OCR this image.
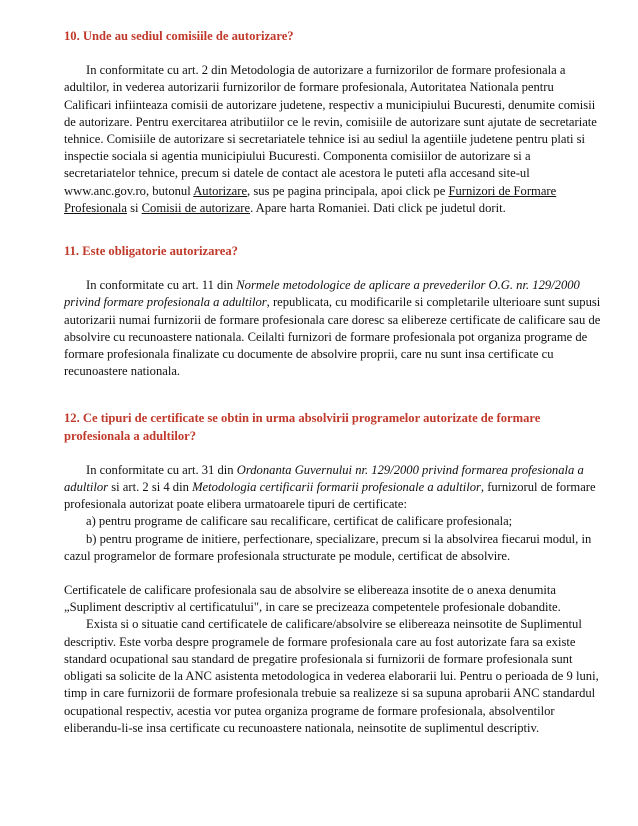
10. Unde au sediul comisiile de autorizare?

In conformitate cu art. 2 din Metodologia de autorizare a furnizorilor de formare profesionala a adultilor, in vederea autorizarii furnizorilor de formare profesionala, Autoritatea Nationala pentru Calificari infiinteaza comisii de autorizare judetene, respectiv a municipiului Bucuresti, denumite comisii de autorizare. Pentru exercitarea atributiilor ce le revin, comisiile de autorizare sunt ajutate de secretariate tehnice. Comisiile de autorizare si secretariatele tehnice isi au sediul la agentiile judetene pentru plati si inspectie sociala si agentia municipiului Bucuresti. Componenta comisiilor de autorizare si a secretariatelor tehnice, precum si datele de contact ale acestora le puteti afla accesand site-ul www.anc.gov.ro, butonul Autorizare, sus pe pagina principala, apoi click pe Furnizori de Formare Profesionala si Comisii de autorizare. Apare harta Romaniei. Dati click pe judetul dorit.

11. Este obligatorie autorizarea?

In conformitate cu art. 11 din Normele metodologice de aplicare a prevederilor O.G. nr. 129/2000 privind formare profesionala a adultilor, republicata, cu modificarile si completarile ulterioare sunt supusi autorizarii numai furnizorii de formare profesionala care doresc sa elibereze certificate de calificare sau de absolvire cu recunoastere nationala. Ceilalti furnizori de formare profesionala pot organiza programe de formare profesionala finalizate cu documente de absolvire proprii, care nu sunt insa certificate cu recunoastere nationala.

12. Ce tipuri de certificate se obtin in urma absolvirii programelor autorizate de formare profesionala a adultilor?

In conformitate cu art. 31 din Ordonanta Guvernului nr. 129/2000 privind formarea profesionala a adultilor si art. 2 si 4 din Metodologia certificarii formarii profesionale a adultilor, furnizorul de formare profesionala autorizat poate elibera urmatoarele tipuri de certificate:

a) pentru programe de calificare sau recalificare, certificat de calificare profesionala;

b) pentru programe de initiere, perfectionare, specializare, precum si la absolvirea fiecarui modul, in cazul programelor de formare profesionala structurate pe module, certificat de absolvire.

Certificatele de calificare profesionala sau de absolvire se elibereaza insotite de o anexa denumita „Supliment descriptiv al certificatului", in care se precizeaza competentele profesionale dobandite.

Exista si o situatie cand certificatele de calificare/absolvire se elibereaza neinsotite de Suplimentul descriptiv. Este vorba despre programele de formare profesionala care au fost autorizate fara sa existe standard ocupational sau standard de pregatire profesionala si furnizorii de formare profesionala sunt obligati sa solicite de la ANC asistenta metodologica in vederea elaborarii lui. Pentru o perioada de 9 luni, timp in care furnizorii de formare profesionala trebuie sa realizeze si sa supuna aprobarii ANC standardul ocupational respectiv, acestia vor putea organiza programe de formare profesionala, absolventilor eliberandu-li-se insa certificate cu recunoastere nationala, neinsotite de suplimentul descriptiv.
